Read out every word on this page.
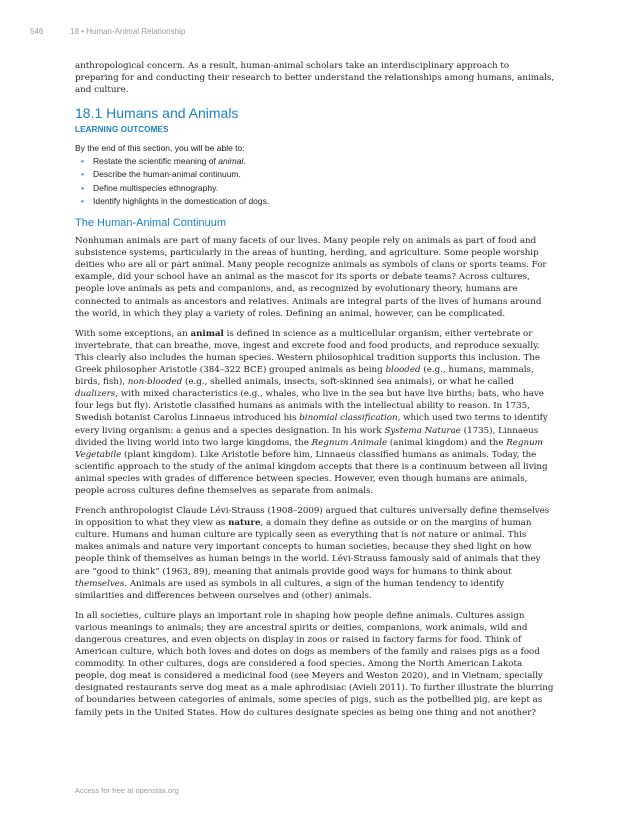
546	18 • Human-Animal Relationship

anthropological concern. As a result, human-animal scholars take an interdisciplinary approach to preparing for and conducting their research to better understand the relationships among humans, animals, and culture.

18.1 Humans and Animals
LEARNING OUTCOMES
By the end of this section, you will be able to:
• Restate the scientific meaning of animal.
• Describe the human-animal continuum.
• Define multispecies ethnography.
• Identify highlights in the domestication of dogs.
The Human-Animal Continuum

Nonhuman animals are part of many facets of our lives. Many people rely on animals as part of food and subsistence systems, particularly in the areas of hunting, herding, and agriculture. Some people worship deities who are all or part animal. Many people recognize animals as symbols of clans or sports teams. For example, did your school have an animal as the mascot for its sports or debate teams? Across cultures, people love animals as pets and companions, and, as recognized by evolutionary theory, humans are connected to animals as ancestors and relatives. Animals are integral parts of the lives of humans around the world, in which they play a variety of roles. Defining an animal, however, can be complicated.

With some exceptions, an animal is defined in science as a multicellular organism, either vertebrate or invertebrate, that can breathe, move, ingest and excrete food and food products, and reproduce sexually. This clearly also includes the human species. Western philosophical tradition supports this inclusion. The Greek philosopher Aristotle (384–322 BCE) grouped animals as being blooded (e.g., humans, mammals, birds, fish), non-blooded (e.g., shelled animals, insects, soft-skinned sea animals), or what he called dualizers, with mixed characteristics (e.g., whales, who live in the sea but have live births; bats, who have four legs but fly). Aristotle classified humans as animals with the intellectual ability to reason. In 1735, Swedish botanist Carolus Linnaeus introduced his binomial classification, which used two terms to identify every living organism: a genus and a species designation. In his work Systema Naturae (1735), Linnaeus divided the living world into two large kingdoms, the Regnum Animale (animal kingdom) and the Regnum Vegetabile (plant kingdom). Like Aristotle before him, Linnaeus classified humans as animals. Today, the scientific approach to the study of the animal kingdom accepts that there is a continuum between all living animal species with grades of difference between species. However, even though humans are animals, people across cultures define themselves as separate from animals.

French anthropologist Claude Lévi-Strauss (1908–2009) argued that cultures universally define themselves in opposition to what they view as nature, a domain they define as outside or on the margins of human culture. Humans and human culture are typically seen as everything that is not nature or animal. This makes animals and nature very important concepts to human societies, because they shed light on how people think of themselves as human beings in the world. Lévi-Strauss famously said of animals that they are “good to think” (1963, 89), meaning that animals provide good ways for humans to think about themselves. Animals are used as symbols in all cultures, a sign of the human tendency to identify similarities and differences between ourselves and (other) animals.

In all societies, culture plays an important role in shaping how people define animals. Cultures assign various meanings to animals; they are ancestral spirits or deities, companions, work animals, wild and dangerous creatures, and even objects on display in zoos or raised in factory farms for food. Think of American culture, which both loves and dotes on dogs as members of the family and raises pigs as a food commodity. In other cultures, dogs are considered a food species. Among the North American Lakota people, dog meat is considered a medicinal food (see Meyers and Weston 2020), and in Vietnam, specially designated restaurants serve dog meat as a male aphrodisiac (Avieli 2011). To further illustrate the blurring of boundaries between categories of animals, some species of pigs, such as the potbellied pig, are kept as family pets in the United States. How do cultures designate species as being one thing and not another?

Access for free at openstax.org
